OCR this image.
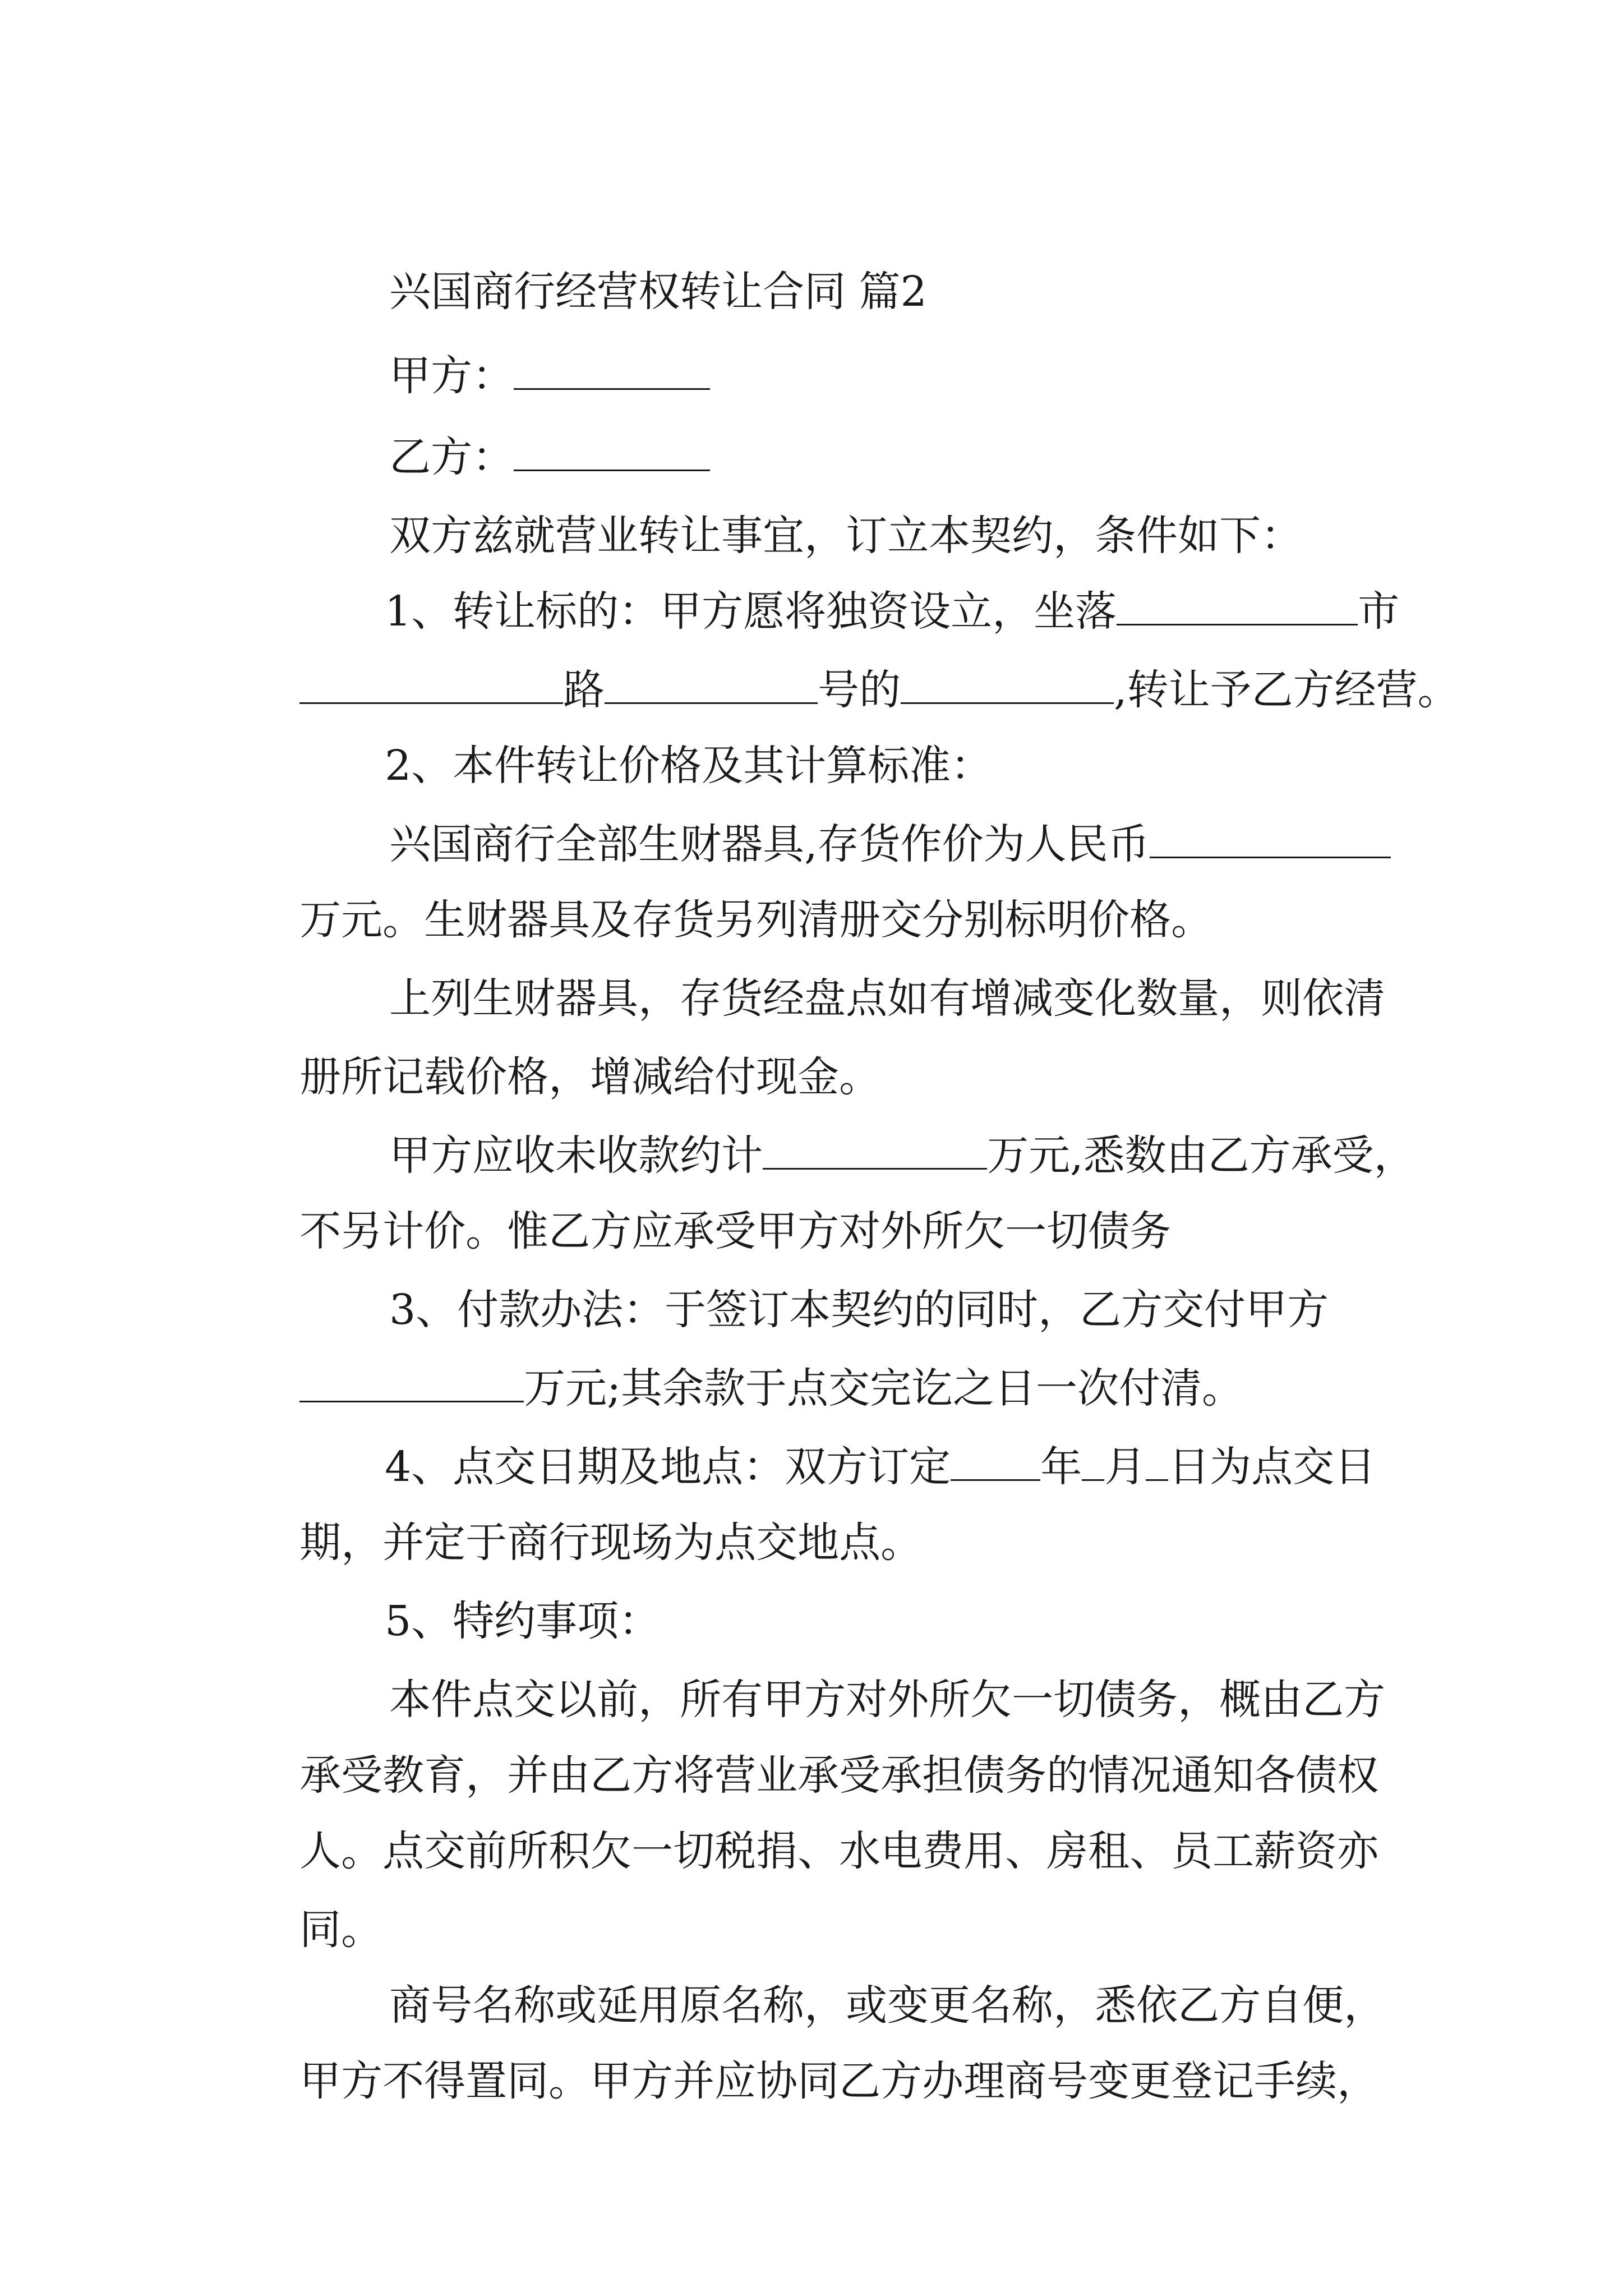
兴国商行经营权转让合同 篇2

甲方：

乙方：

双方兹就营业转让事宜，订立本契约，条件如下：

1、转让标的：甲方愿将独资设立，坐落	市

路	号的	,转让予乙方经营。

2、本件转让价格及其计算标准：

兴国商行全部生财器具,存货作价为人民币

万元。生财器具及存货另列清册交分别标明价格。

上列生财器具，存货经盘点如有增减变化数量，则依清

册所记载价格，增减给付现金。

甲方应收未收款约计	万元,悉数由乙方承受，

不另计价。惟乙方应承受甲方对外所欠一切债务

3、付款办法：于签订本契约的同时，乙方交付甲方

万元;其余款于点交完讫之日一次付清。

4、点交日期及地点：双方订定 年 月 日为点交日

期，并定于商行现场为点交地点。

5、特约事项：

本件点交以前，所有甲方对外所欠一切债务，概由乙方

承受教育，并由乙方将营业承受承担债务的情况通知各债权

人。点交前所积欠一切税捐、水电费用、房租、员工薪资亦

同。

商号名称或延用原名称，或变更名称，悉依乙方自便，

甲方不得置同。甲方并应协同乙方办理商号变更登记手续，
